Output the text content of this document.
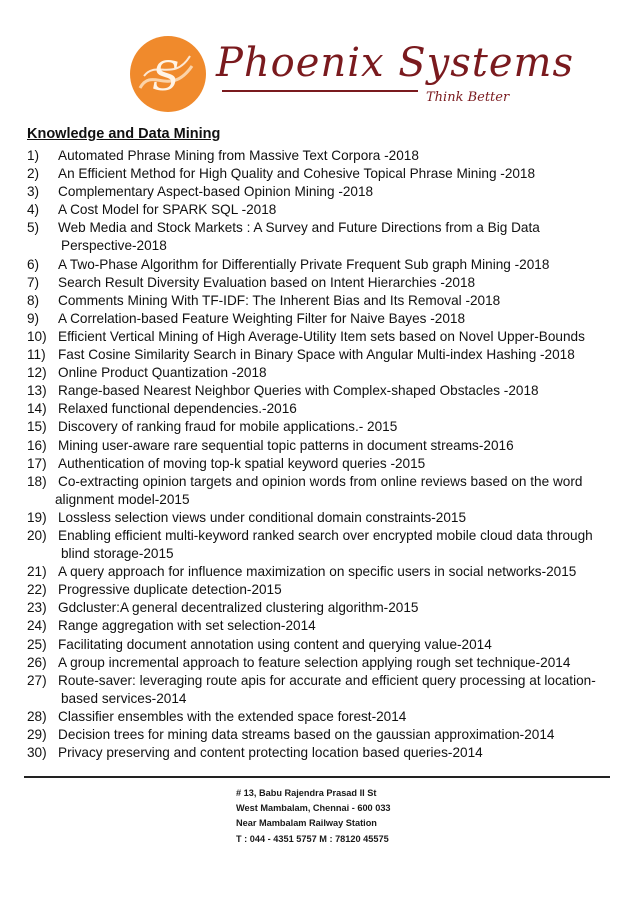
S Phoenix Systems
Think Better
Knowledge and Data Mining
1) Automated Phrase Mining from Massive Text Corpora -2018
2) An Efficient Method for High Quality and Cohesive Topical Phrase Mining -2018
3) Complementary Aspect-based Opinion Mining -2018
4) A Cost Model for SPARK SQL -2018
5) Web Media and Stock Markets : A Survey and Future Directions from a Big Data
Perspective-2018
6) A Two-Phase Algorithm for Differentially Private Frequent Sub graph Mining -2018
7) Search Result Diversity Evaluation based on Intent Hierarchies -2018
8) Comments Mining With TF-IDF: The Inherent Bias and Its Removal -2018
9) A Correlation-based Feature Weighting Filter for Naive Bayes -2018
10) Efficient Vertical Mining of High Average-Utility Item sets based on Novel Upper-Bounds
11) Fast Cosine Similarity Search in Binary Space with Angular Multi-index Hashing -2018
12) Online Product Quantization -2018
13) Range-based Nearest Neighbor Queries with Complex-shaped Obstacles -2018
14) Relaxed functional dependencies.-2016
15) Discovery of ranking fraud for mobile applications.- 2015
16) Mining user-aware rare sequential topic patterns in document streams-2016
17) Authentication of moving top-k spatial keyword queries -2015
18) Co-extracting opinion targets and opinion words from online reviews based on the word
alignment model-2015
19) Lossless selection views under conditional domain constraints-2015
20) Enabling efficient multi-keyword ranked search over encrypted mobile cloud data through
blind storage-2015
21) A query approach for influence maximization on specific users in social networks-2015
22) Progressive duplicate detection-2015
23) Gdcluster:A general decentralized clustering algorithm-2015
24) Range aggregation with set selection-2014
25) Facilitating document annotation using content and querying value-2014
26) A group incremental approach to feature selection applying rough set technique-2014
27) Route-saver: leveraging route apis for accurate and efficient query processing at location-
based services-2014
28) Classifier ensembles with the extended space forest-2014
29) Decision trees for mining data streams based on the gaussian approximation-2014
30) Privacy preserving and content protecting location based queries-2014
# 13, Babu Rajendra Prasad II St
West Mambalam, Chennai - 600 033
Near Mambalam Railway Station
T : 044 - 4351 5757 M : 78120 45575
